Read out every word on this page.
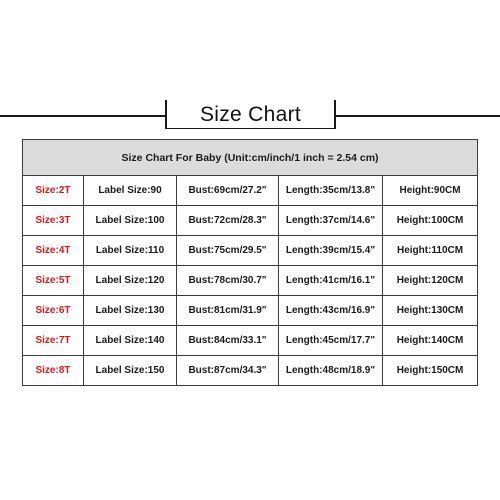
Size Chart
Size Chart For Baby (Unit:cm/inch/1 inch = 2.54 cm)				
Size:2T	Label Size:90	Bust:69cm/27.2"	Length:35cm/13.8"	Height:90CM
Size:3T	Label Size:100	Bust:72cm/28.3"	Length:37cm/14.6"	Height:100CM
Size:4T	Label Size:110	Bust:75cm/29.5"	Length:39cm/15.4"	Height:110CM
Size:5T	Label Size:120	Bust:78cm/30.7"	Length:41cm/16.1"	Height:120CM
Size:6T	Label Size:130	Bust:81cm/31.9"	Length:43cm/16.9"	Height:130CM
Size:7T	Label Size:140	Bust:84cm/33.1"	Length:45cm/17.7"	Height:140CM
Size:8T	Label Size:150	Bust:87cm/34.3"	Length:48cm/18.9"	Height:150CM
